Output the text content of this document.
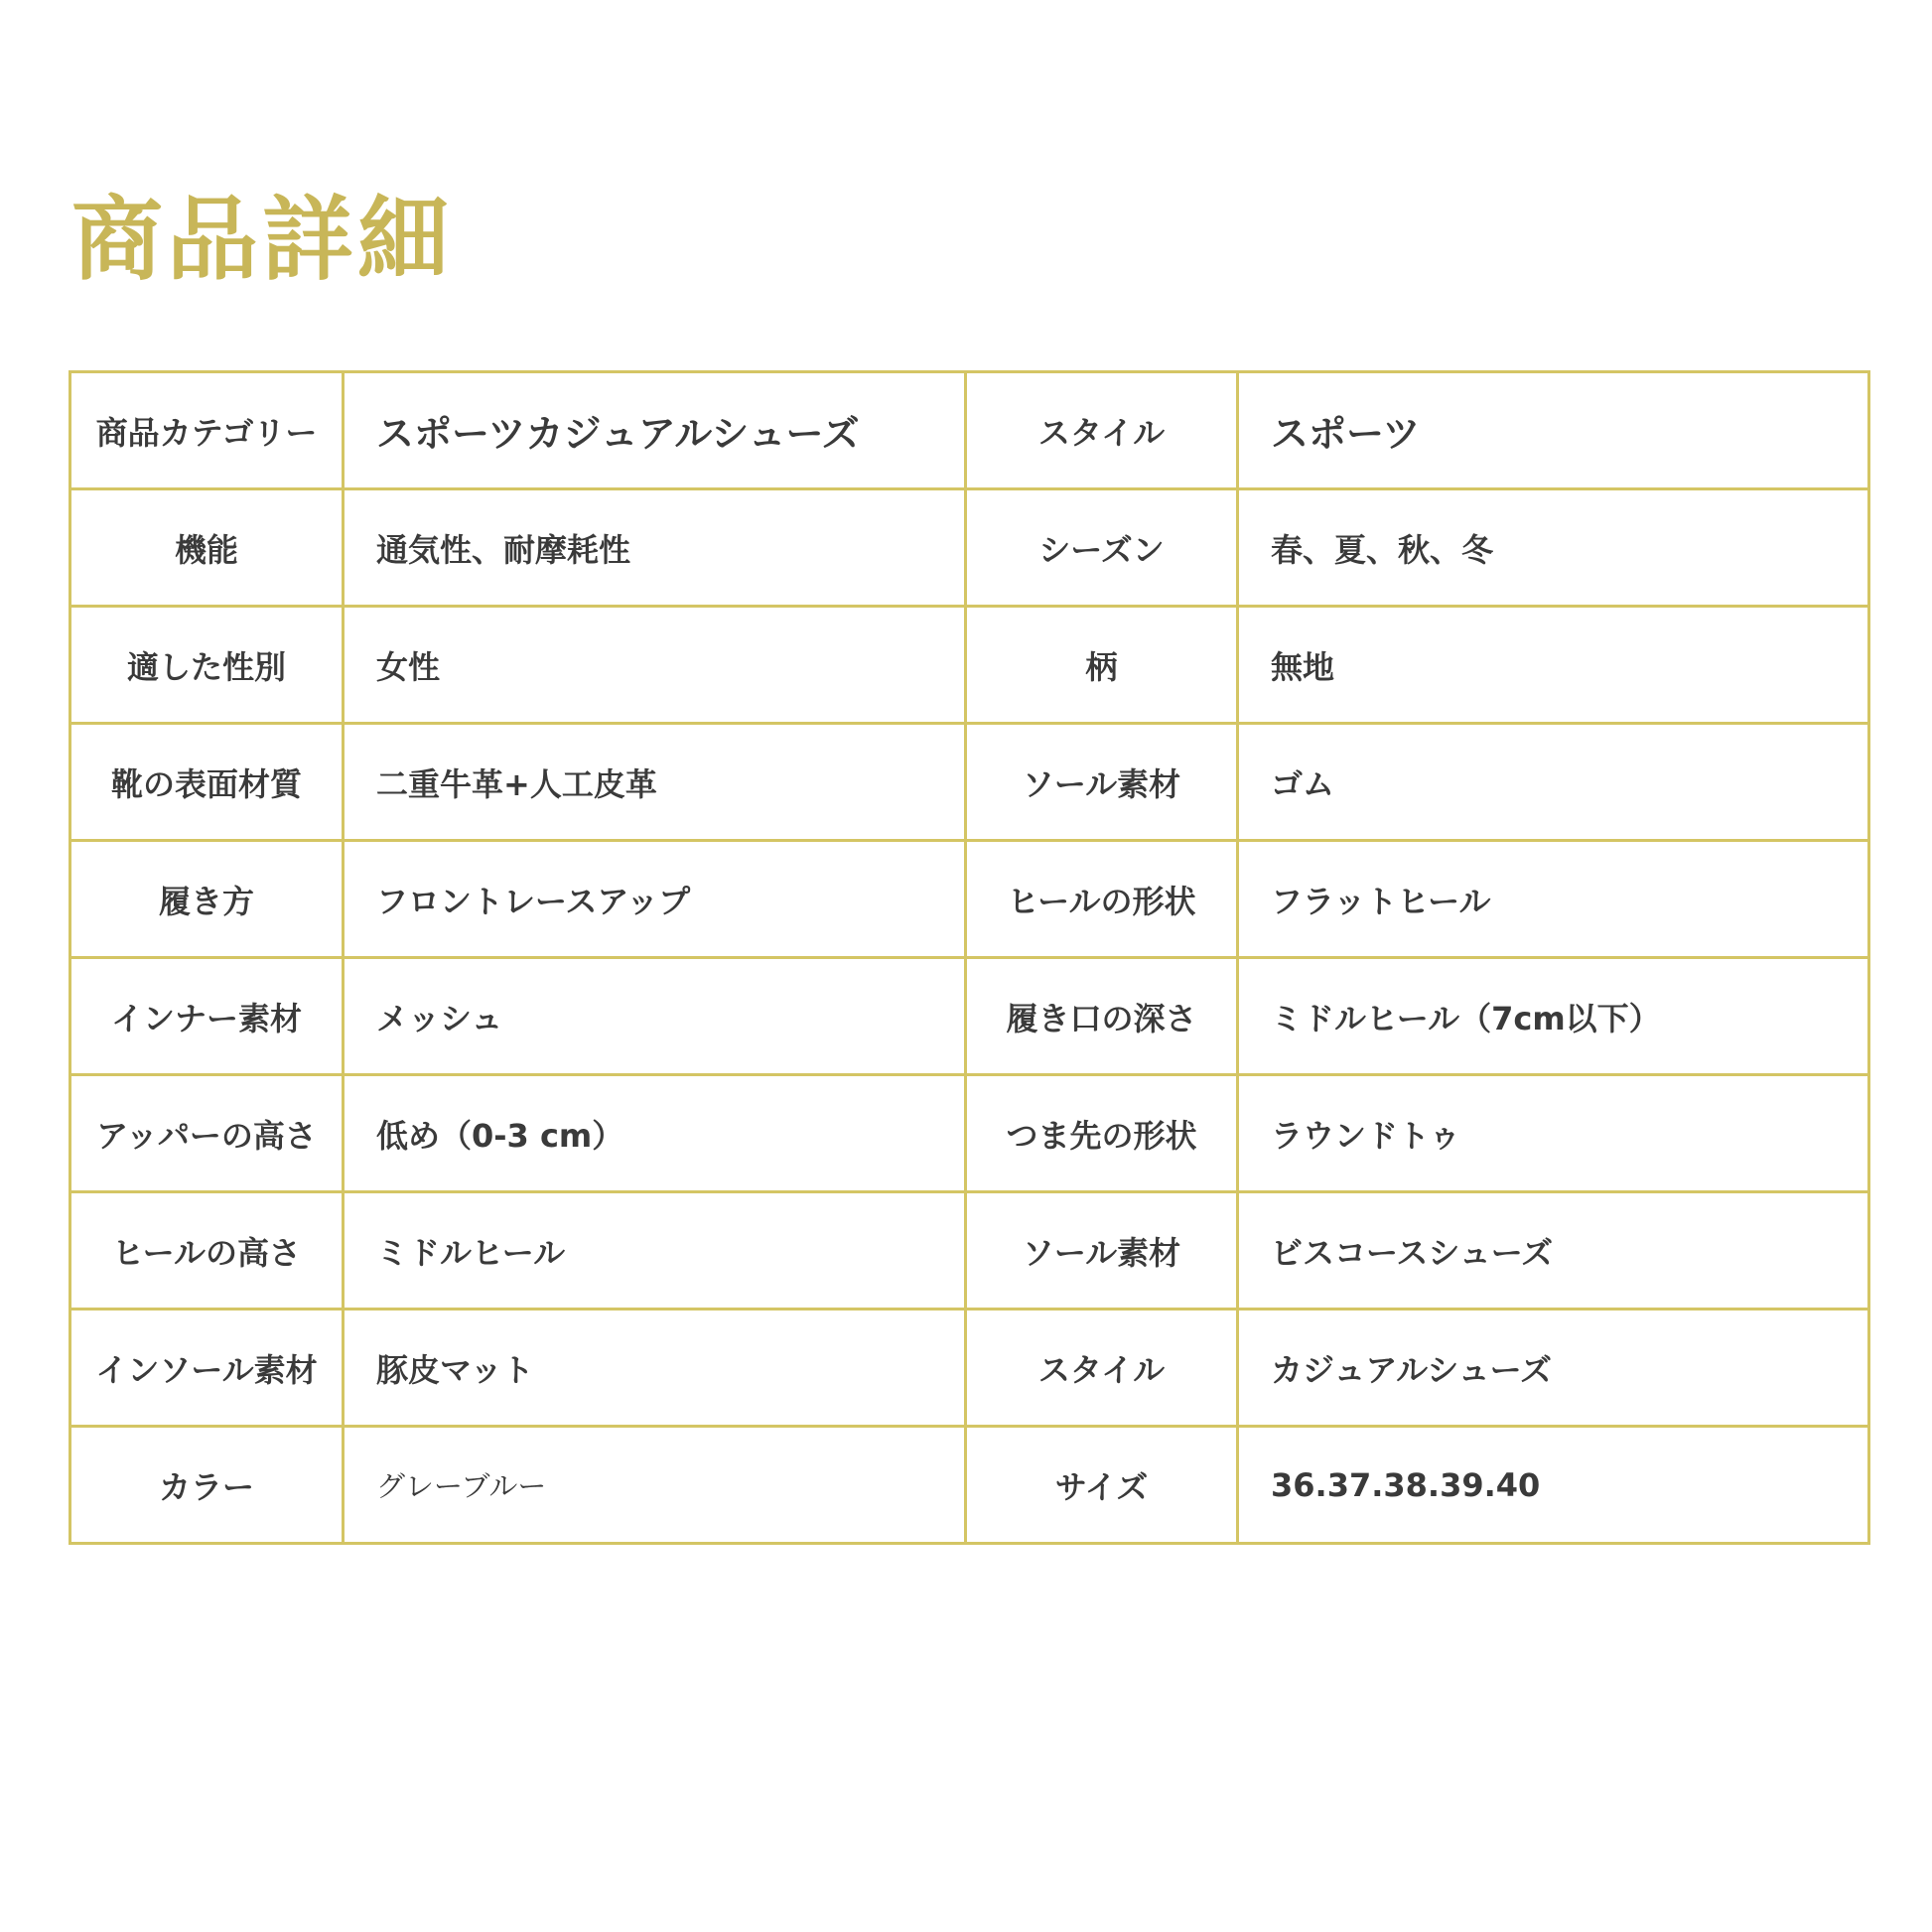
商品詳細
商品カテゴリー	スポーツカジュアルシューズ	スタイル	スポーツ
機能	通気性、耐摩耗性	シーズン	春、夏、秋、冬
適した性別	女性	柄	無地
靴の表面材質	二重牛革+人工皮革	ソール素材	ゴム
履き方	フロントレースアップ	ヒールの形状	フラットヒール
インナー素材	メッシュ	履き口の深さ	ミドルヒール（7cm以下）
アッパーの高さ	低め（0-3 cm）	つま先の形状	ラウンドトゥ
ヒールの高さ	ミドルヒール	ソール素材	ビスコースシューズ
インソール素材	豚皮マット	スタイル	カジュアルシューズ
カラー	グレーブルー	サイズ	36.37.38.39.40
